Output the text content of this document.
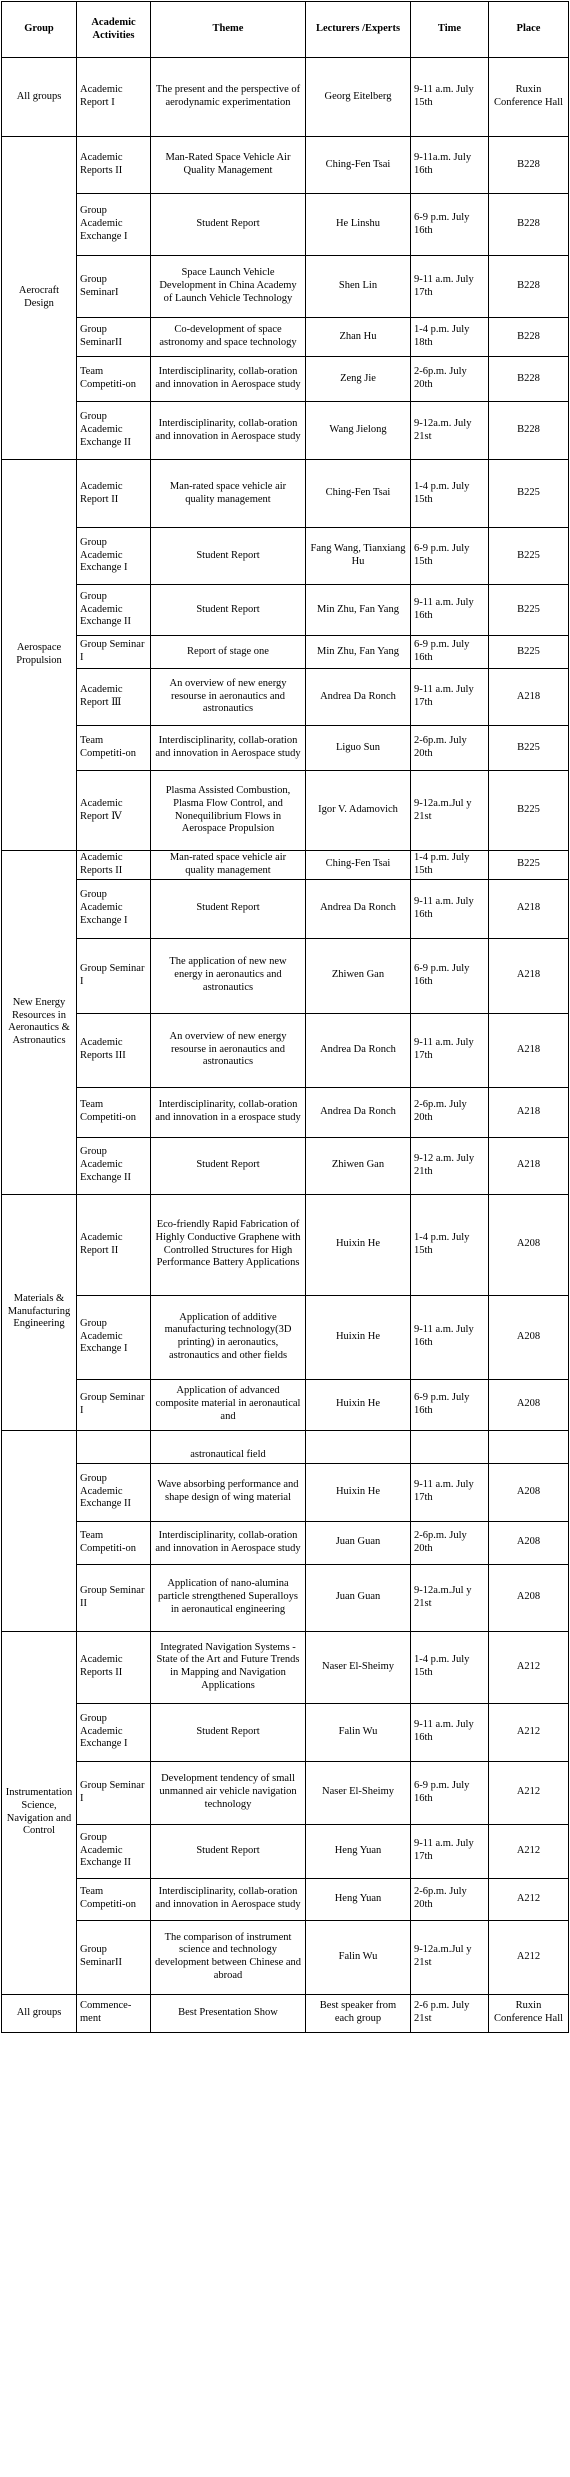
Group	Academic Activities	Theme	Lecturers /Experts	Time	Place
All groups	Academic Report I	The present and the perspective of aerodynamic experimentation	Georg Eitelberg	9-11 a.m. July 15th	Ruxin Conference Hall
Aerocraft Design	Academic Reports II	Man-Rated Space Vehicle Air Quality Management	Ching-Fen Tsai	9-11a.m. July 16th	B228
	Group Academic Exchange I	Student Report	He Linshu	6-9 p.m. July 16th	B228
	Group SeminarI	Space Launch Vehicle Development in China Academy of Launch Vehicle Technology	Shen Lin	9-11 a.m. July 17th	B228
	Group SeminarII	Co-development of space astronomy and space technology	Zhan Hu	1-4 p.m. July 18th	B228
	Team Competiti-on	Interdisciplinarity, collab-oration and innovation in Aerospace study	Zeng Jie	2-6p.m. July 20th	B228
	Group Academic Exchange II	Interdisciplinarity, collab-oration and innovation in Aerospace study	Wang Jielong	9-12a.m. July 21st	B228
Aerospace Propulsion	Academic Report II	Man-rated space vehicle air quality management	Ching-Fen Tsai	1-4 p.m. July 15th	B225
	Group Academic Exchange I	Student Report	Fang Wang, Tianxiang Hu	6-9 p.m. July 15th	B225
	Group Academic Exchange II	Student Report	Min Zhu, Fan Yang	9-11 a.m. July 16th	B225
	Group Seminar I	Report of stage one	Min Zhu, Fan Yang	6-9 p.m. July 16th	B225
	Academic Report Ⅲ	An overview of new energy resourse in aeronautics and astronautics	Andrea Da Ronch	9-11 a.m. July 17th	A218
	Team Competiti-on	Interdisciplinarity, collab-oration and innovation in Aerospace study	Liguo Sun	2-6p.m. July 20th	B225
	Academic Report Ⅳ	Plasma Assisted Combustion, Plasma Flow Control, and Nonequilibrium Flows in Aerospace Propulsion	Igor V. Adamovich	9-12a.m.Jul y 21st	B225
New Energy Resources in Aeronautics & Astronautics	Academic Reports II	Man-rated space vehicle air quality management	Ching-Fen Tsai	1-4 p.m. July 15th	B225
	Group Academic Exchange I	Student Report	Andrea Da Ronch	9-11 a.m. July 16th	A218
	Group Seminar I	The application of new new energy in aeronautics and astronautics	Zhiwen Gan	6-9 p.m. July 16th	A218
	Academic Reports III	An overview of new energy resourse in aeronautics and astronautics	Andrea Da Ronch	9-11 a.m. July 17th	A218
	Team Competiti-on	Interdisciplinarity, collab-oration and innovation in a erospace study	Andrea Da Ronch	2-6p.m. July 20th	A218
	Group Academic Exchange II	Student Report	Zhiwen Gan	9-12 a.m. July 21th	A218
Materials & Manufacturing Engineering	Academic Report II	Eco-friendly Rapid Fabrication of Highly Conductive Graphene with Controlled Structures for High Performance Battery Applications	Huixin He	1-4 p.m. July 15th	A208
	Group Academic Exchange I	Application of additive manufacturing technology(3D printing) in aeronautics, astronautics and other fields	Huixin He	9-11 a.m. July 16th	A208
	Group Seminar I	Application of advanced composite material in aeronautical and	Huixin He	6-9 p.m. July 16th	A208
		astronautical field			
	Group Academic Exchange II	Wave absorbing performance and shape design of wing material	Huixin He	9-11 a.m. July 17th	A208
	Team Competiti-on	Interdisciplinarity, collab-oration and innovation in Aerospace study	Juan Guan	2-6p.m. July 20th	A208
	Group Seminar II	Application of nano-alumina particle strengthened Superalloys in aeronautical engineering	Juan Guan	9-12a.m.Jul y 21st	A208
Instrumentation Science, Navigation and Control	Academic Reports II	Integrated Navigation Systems - State of the Art and Future Trends in Mapping and Navigation Applications	Naser El-Sheimy	1-4 p.m. July 15th	A212
	Group Academic Exchange I	Student Report	Falin Wu	9-11 a.m. July 16th	A212
	Group Seminar I	Development tendency of small unmanned air vehicle navigation technology	Naser El-Sheimy	6-9 p.m. July 16th	A212
	Group Academic Exchange II	Student Report	Heng Yuan	9-11 a.m. July 17th	A212
	Team Competiti-on	Interdisciplinarity, collab-oration and innovation in Aerospace study	Heng Yuan	2-6p.m. July 20th	A212
	Group SeminarII	The comparison of instrument science and technology development between Chinese and abroad	Falin Wu	9-12a.m.Jul y 21st	A212
All groups	Commence-ment	Best Presentation Show	Best speaker from each group	2-6 p.m. July 21st	Ruxin Conference Hall
